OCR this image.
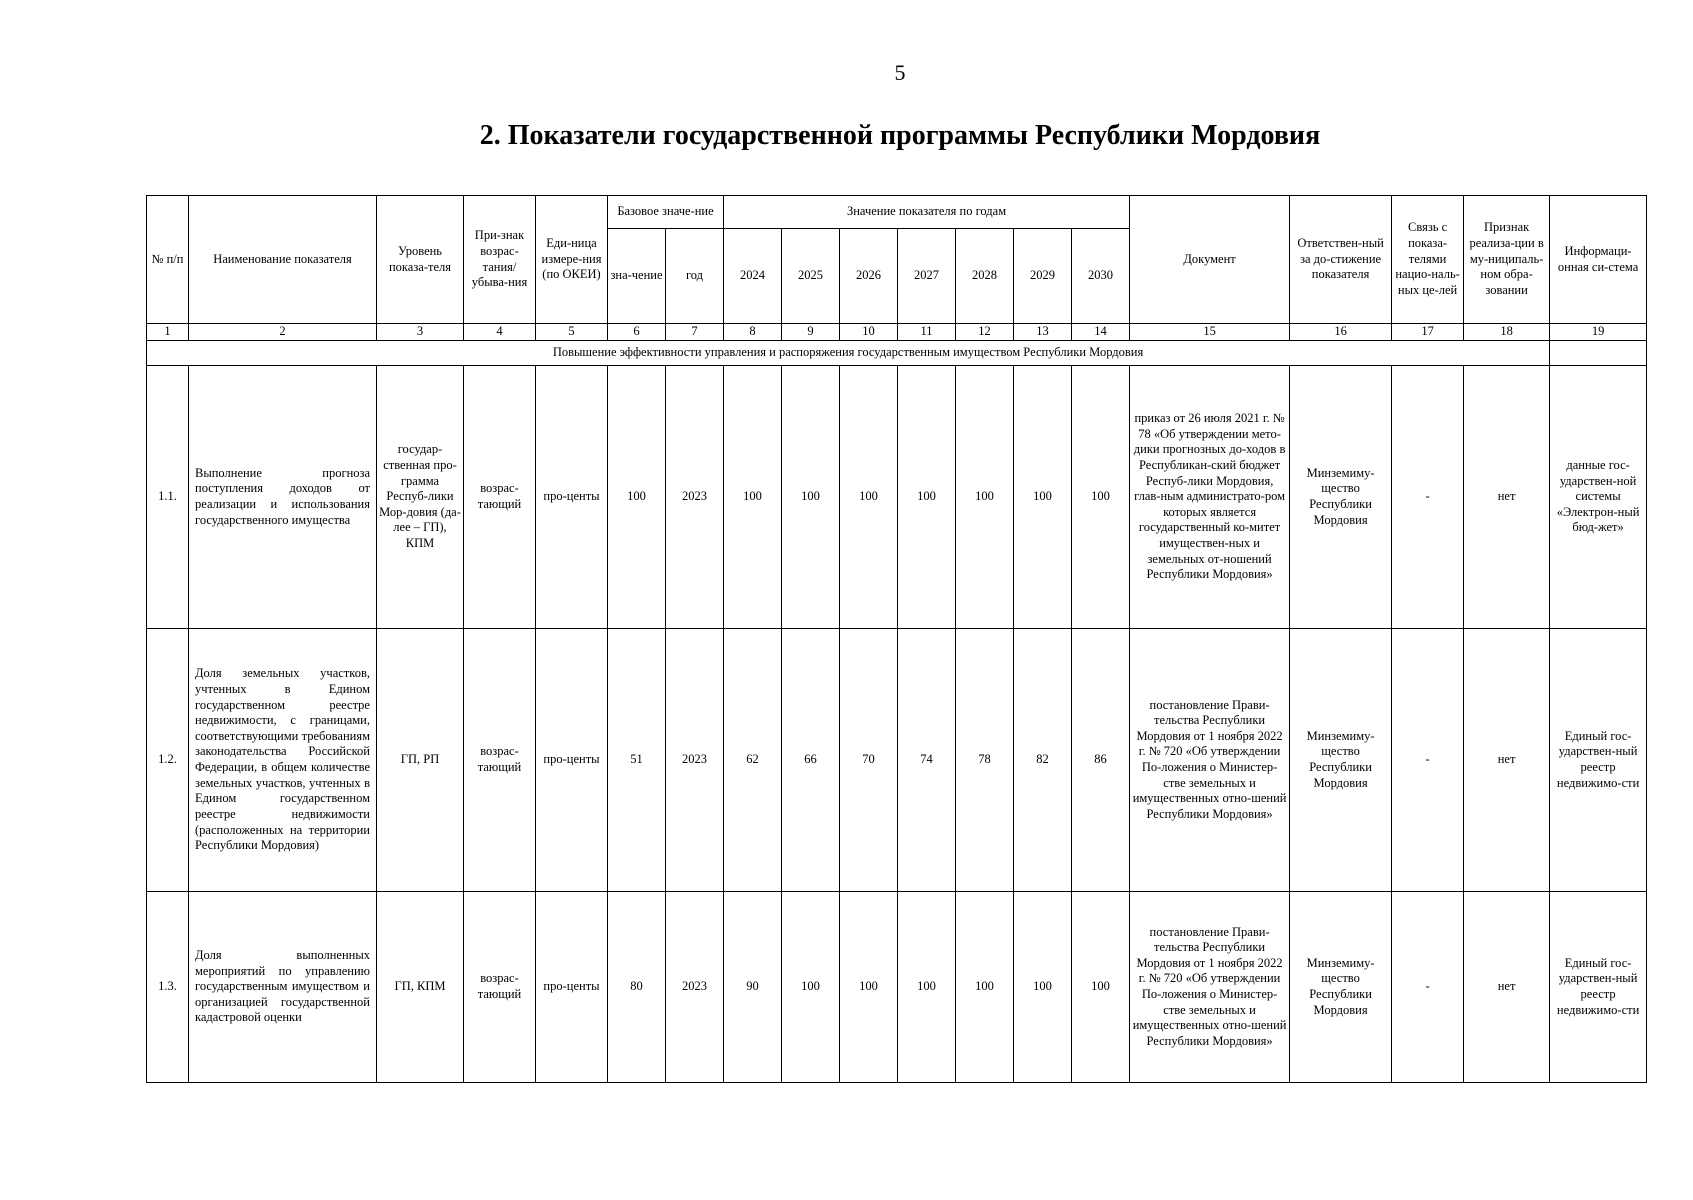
5
2. Показатели государственной программы Республики Мордовия
№ п/п	Наименование показателя	Уровень показа-теля	При-знак возрас-тания/ убыва-ния	Еди-ница измере-ния (по ОКЕИ)	Базовое значе-ние		Значение показателя по годам							Документ	Ответствен-ный за до-стижение показателя	Связь с показа-телями нацио-наль-ных це-лей	Признак реализа-ции в му-ниципаль-ном обра-зовании	Информаци-онная си-стема
					зна-чение	год	2024	2025	2026	2027	2028	2029	2030					
1	2	3	4	5	6	7	8	9	10	11	12	13	14	15	16	17	18	19
Повышение эффективности управления и распоряжения государственным имуществом Республики Мордовия																		
1.1.	Выполнение прогноза поступления доходов от реализации и использования государственного имущества	государ-ственная про-грамма Респуб-лики Мор-довия (да-лее – ГП), КПМ	возрас-тающий	про-центы	100	2023	100	100	100	100	100	100	100	приказ от 26 июля 2021 г. № 78 «Об утверждении мето-дики прогнозных до-ходов в Республикан-ский бюджет Респуб-лики Мордовия, глав-ным администрато-ром которых является государственный ко-митет имуществен-ных и земельных от-ношений Республики Мордовия»	Минземиму-щество Республики Мордовия	-	нет	данные гос-ударствен-ной системы «Электрон-ный бюд-жет»
1.2.	Доля земельных участков, учтенных в Едином государственном реестре недвижимости, с границами, соответствующими требованиям законодательства Российской Федерации, в общем количестве земельных участков, учтенных в Едином государственном реестре недвижимости (расположенных на территории Республики Мордовия)	ГП, РП	возрас-тающий	про-центы	51	2023	62	66	70	74	78	82	86	постановление Прави-тельства Республики Мордовия от 1 ноября 2022 г. № 720 «Об утверждении По-ложения о Министер-стве земельных и имущественных отно-шений Республики Мордовия»	Минземиму-щество Республики Мордовия	-	нет	Единый гос-ударствен-ный реестр недвижимо-сти
1.3.	Доля выполненных мероприятий по управлению государственным имуществом и организацией государственной кадастровой оценки	ГП, КПМ	возрас-тающий	про-центы	80	2023	90	100	100	100	100	100	100	постановление Прави-тельства Республики Мордовия от 1 ноября 2022 г. № 720 «Об утверждении По-ложения о Министер-стве земельных и имущественных отно-шений Республики Мордовия»	Минземиму-щество Республики Мордовия	-	нет	Единый гос-ударствен-ный реестр недвижимо-сти
